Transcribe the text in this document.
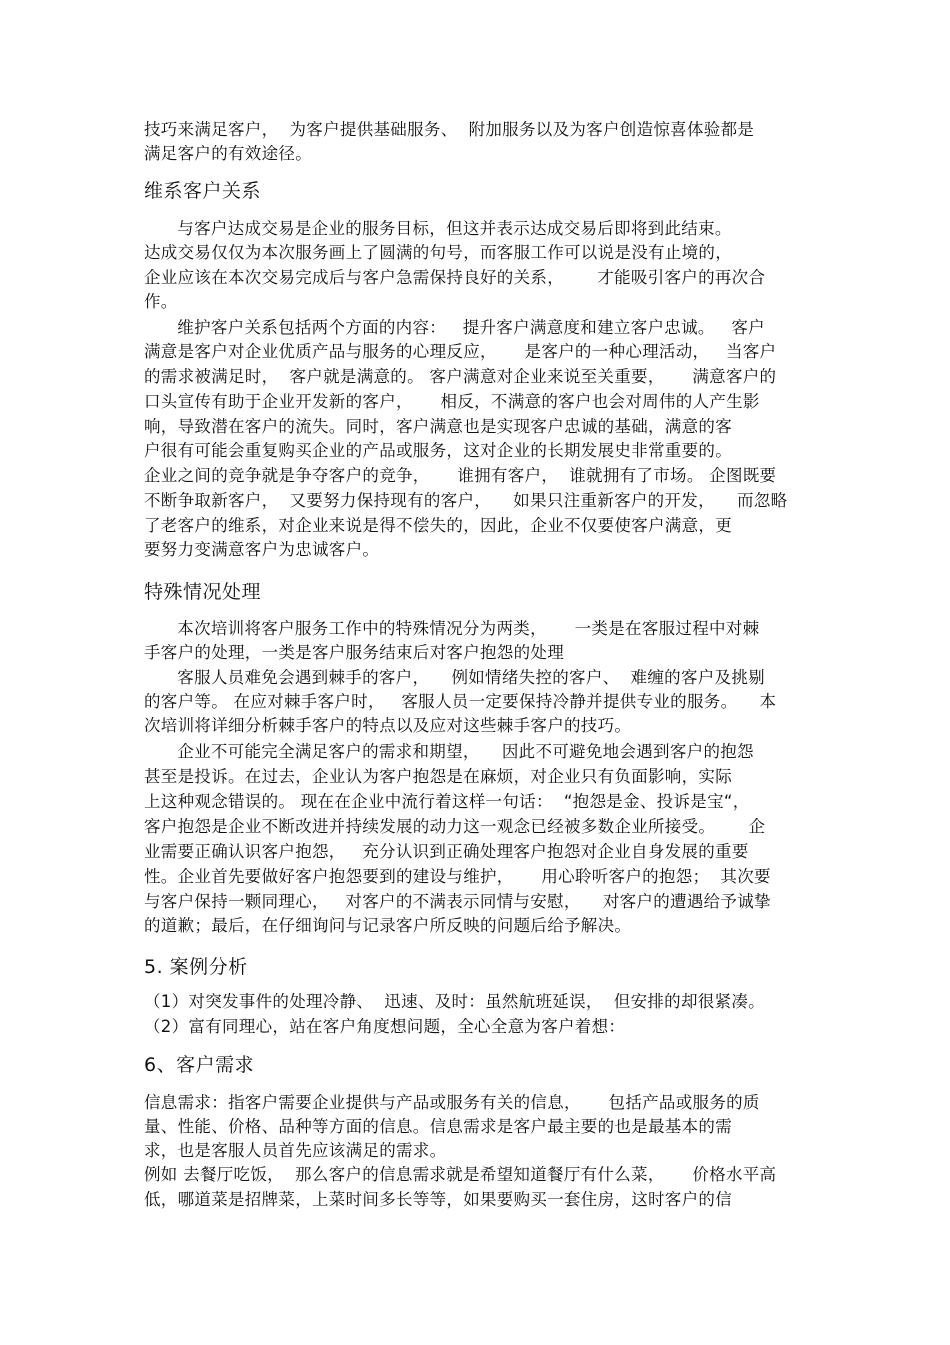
技巧来满足客户，  为客户提供基础服务、  附加服务以及为客户创造惊喜体验都是
满足客户的有效途径。
维系客户关系
与客户达成交易是企业的服务目标，但这并表示达成交易后即将到此结束。
达成交易仅仅为本次服务画上了圆满的句号，而客服工作可以说是没有止境的，
企业应该在本次交易完成后与客户急需保持良好的关系，      才能吸引客户的再次合
作。
维护客户关系包括两个方面的内容：   提升客户满意度和建立客户忠诚。   客户
满意是客户对企业优质产品与服务的心理反应，     是客户的一种心理活动，   当客户
的需求被满足时，  客户就是满意的。 客户满意对企业来说至关重要，     满意客户的
口头宣传有助于企业开发新的客户，     相反，不满意的客户也会对周伟的人产生影
响，导致潜在客户的流失。同时，客户满意也是实现客户忠诚的基础，满意的客
户很有可能会重复购买企业的产品或服务，这对企业的长期发展史非常重要的。
企业之间的竞争就是争夺客户的竞争，     谁拥有客户，  谁就拥有了市场。 企图既要
不断争取新客户，  又要努力保持现有的客户，    如果只注重新客户的开发，    而忽略
了老客户的维系，对企业来说是得不偿失的，因此，企业不仅要使客户满意，更
要努力变满意客户为忠诚客户。
特殊情况处理
本次培训将客户服务工作中的特殊情况分为两类，     一类是在客服过程中对棘
手客户的处理，一类是客户服务结束后对客户抱怨的处理
客服人员难免会遇到棘手的客户，    例如情绪失控的客户、  难缠的客户及挑剔
的客户等。 在应对棘手客户时，   客服人员一定要保持冷静并提供专业的服务。    本
次培训将详细分析棘手客户的特点以及应对这些棘手客户的技巧。
企业不可能完全满足客户的需求和期望，    因此不可避免地会遇到客户的抱怨
甚至是投诉。在过去，企业认为客户抱怨是在麻烦，对企业只有负面影响，实际
上这种观念错误的。 现在在企业中流行着这样一句话：  “抱怨是金、投诉是宝“，
客户抱怨是企业不断改进并持续发展的动力这一观念已经被多数企业所接受。      企
业需要正确认识客户抱怨，   充分认识到正确处理客户抱怨对企业自身发展的重要
性。企业首先要做好客户抱怨要到的建设与维护，     用心聆听客户的抱怨；  其次要
与客户保持一颗同理心，   对客户的不满表示同情与安慰，    对客户的遭遇给予诚挚
的道歉；最后，在仔细询问与记录客户所反映的问题后给予解决。
5. 案例分析
（1）对突发事件的处理冷静、  迅速、及时：虽然航班延误，  但安排的却很紧凑。
（2）富有同理心，站在客户角度想问题，全心全意为客户着想：
6、客户需求
信息需求：指客户需要企业提供与产品或服务有关的信息，     包括产品或服务的质
量、性能、价格、品种等方面的信息。信息需求是客户最主要的也是最基本的需
求，也是客服人员首先应该满足的需求。
例如 去餐厅吃饭，  那么客户的信息需求就是希望知道餐厅有什么菜，     价格水平高
低，哪道菜是招牌菜，上菜时间多长等等，如果要购买一套住房，这时客户的信
